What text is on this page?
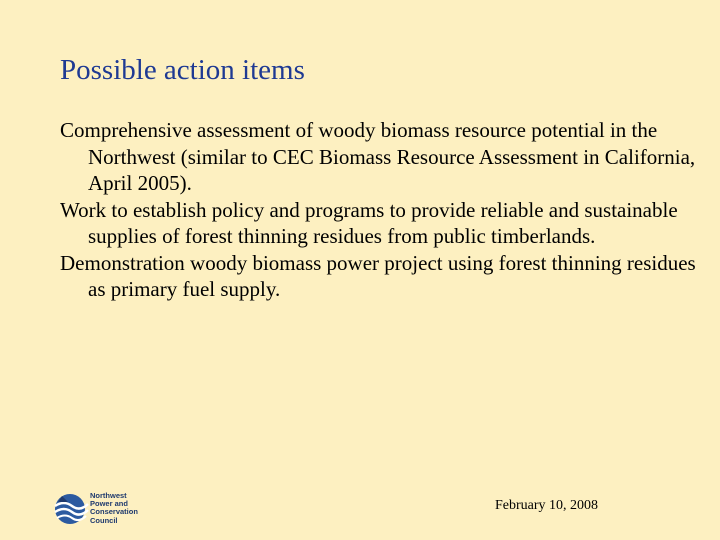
Possible action items
Comprehensive assessment of woody biomass resource potential in the Northwest (similar to CEC Biomass Resource Assessment in California, April 2005).
Work to establish policy and programs to provide reliable and sustainable supplies of forest thinning residues from public timberlands.
Demonstration woody biomass power project using forest thinning residues as primary fuel supply.
Northwest
Power and
Conservation
Council
February 10, 2008
